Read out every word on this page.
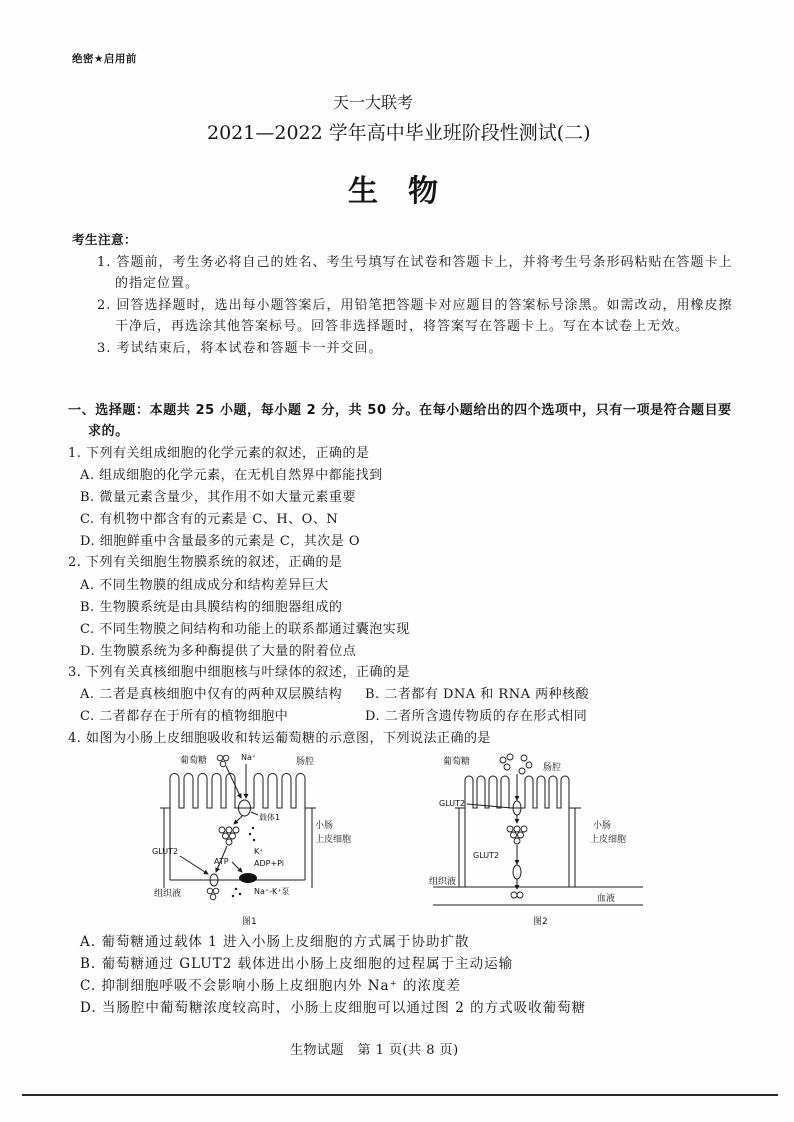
绝密★启用前
天一大联考
2021—2022 学年高中毕业班阶段性测试(二)
生　物
考生注意：
1. 答题前，考生务必将自己的姓名、考生号填写在试卷和答题卡上，并将考生号条形码粘贴在答题卡上
的指定位置。
2. 回答选择题时，选出每小题答案后，用铅笔把答题卡对应题目的答案标号涂黑。如需改动，用橡皮擦
干净后，再选涂其他答案标号。回答非选择题时，将答案写在答题卡上。写在本试卷上无效。
3. 考试结束后，将本试卷和答题卡一并交回。
一、选择题：本题共 25 小题，每小题 2 分，共 50 分。在每小题给出的四个选项中，只有一项是符合题目要
求的。
1. 下列有关组成细胞的化学元素的叙述，正确的是
A. 组成细胞的化学元素，在无机自然界中都能找到
B. 微量元素含量少，其作用不如大量元素重要
C. 有机物中都含有的元素是 C、H、O、N
D. 细胞鲜重中含量最多的元素是 C，其次是 O
2. 下列有关细胞生物膜系统的叙述，正确的是
A. 不同生物膜的组成成分和结构差异巨大
B. 生物膜系统是由具膜结构的细胞器组成的
C. 不同生物膜之间结构和功能上的联系都通过囊泡实现
D. 生物膜系统为多种酶提供了大量的附着位点
3. 下列有关真核细胞中细胞核与叶绿体的叙述，正确的是
A. 二者是真核细胞中仅有的两种双层膜结构 B. 二者都有 DNA 和 RNA 两种核酸
C. 二者都存在于所有的植物细胞中	D. 二者所含遗传物质的存在形式相同
4. 如图为小肠上皮细胞吸收和转运葡萄糖的示意图，下列说法正确的是
葡萄糖	Na⁺	肠腔
载体1
小肠
上皮细胞
K⁺
ATP	ADP+Pi
GLUT2
组织液	Na⁺-K⁺泵
图1
葡萄糖
肠腔
GLUT2
小肠
上皮细胞
GLUT2
组织液
血液
图2
A. 葡萄糖通过载体 1 进入小肠上皮细胞的方式属于协助扩散
B. 葡萄糖通过 GLUT2 载体进出小肠上皮细胞的过程属于主动运输
C. 抑制细胞呼吸不会影响小肠上皮细胞内外 Na⁺ 的浓度差
D. 当肠腔中葡萄糖浓度较高时，小肠上皮细胞可以通过图 2 的方式吸收葡萄糖
生物试题　第 1 页(共 8 页)
